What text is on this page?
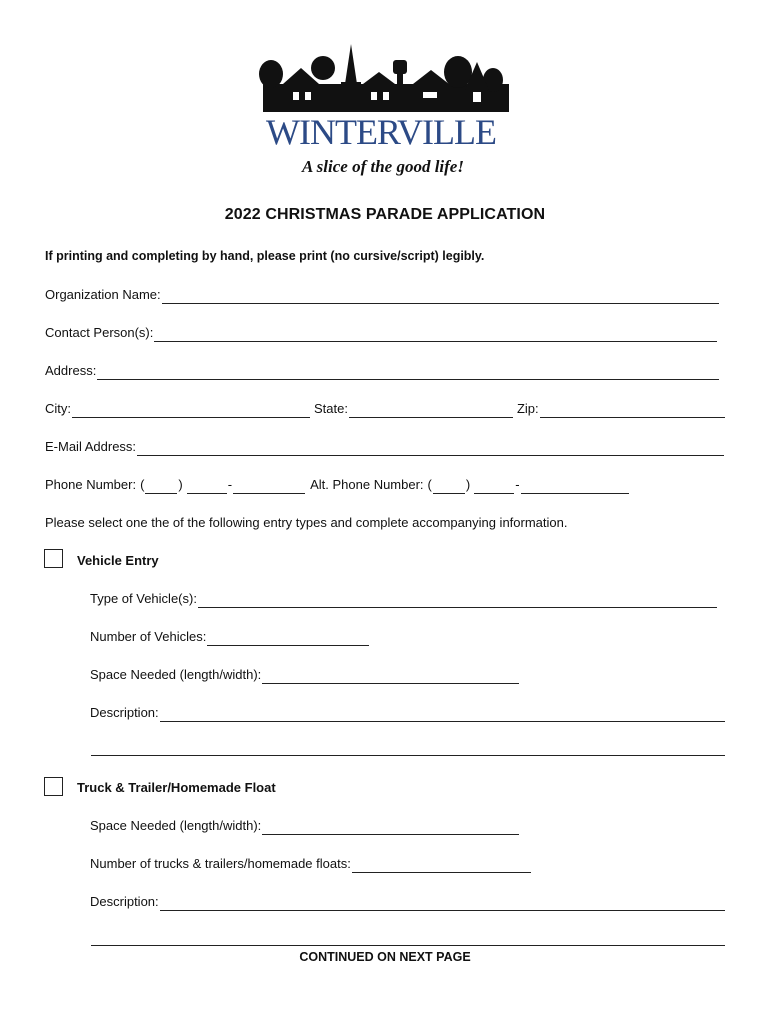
WINTERVILLE
A slice of the good life!
2022 CHRISTMAS PARADE APPLICATION
If printing and completing by hand, please print (no cursive/script) legibly.
Organization Name:
Contact Person(s):
Address:
City:	State:	Zip:
E-Mail Address:
Phone Number: (	)	-	Alt. Phone Number: (	)	-
Please select one the of the following entry types and complete accompanying information.
Vehicle Entry
Type of Vehicle(s):
Number of Vehicles:
Space Needed (length/width):
Description:
Truck & Trailer/Homemade Float
Space Needed (length/width):
Number of trucks & trailers/homemade floats:
Description:
CONTINUED ON NEXT PAGE
